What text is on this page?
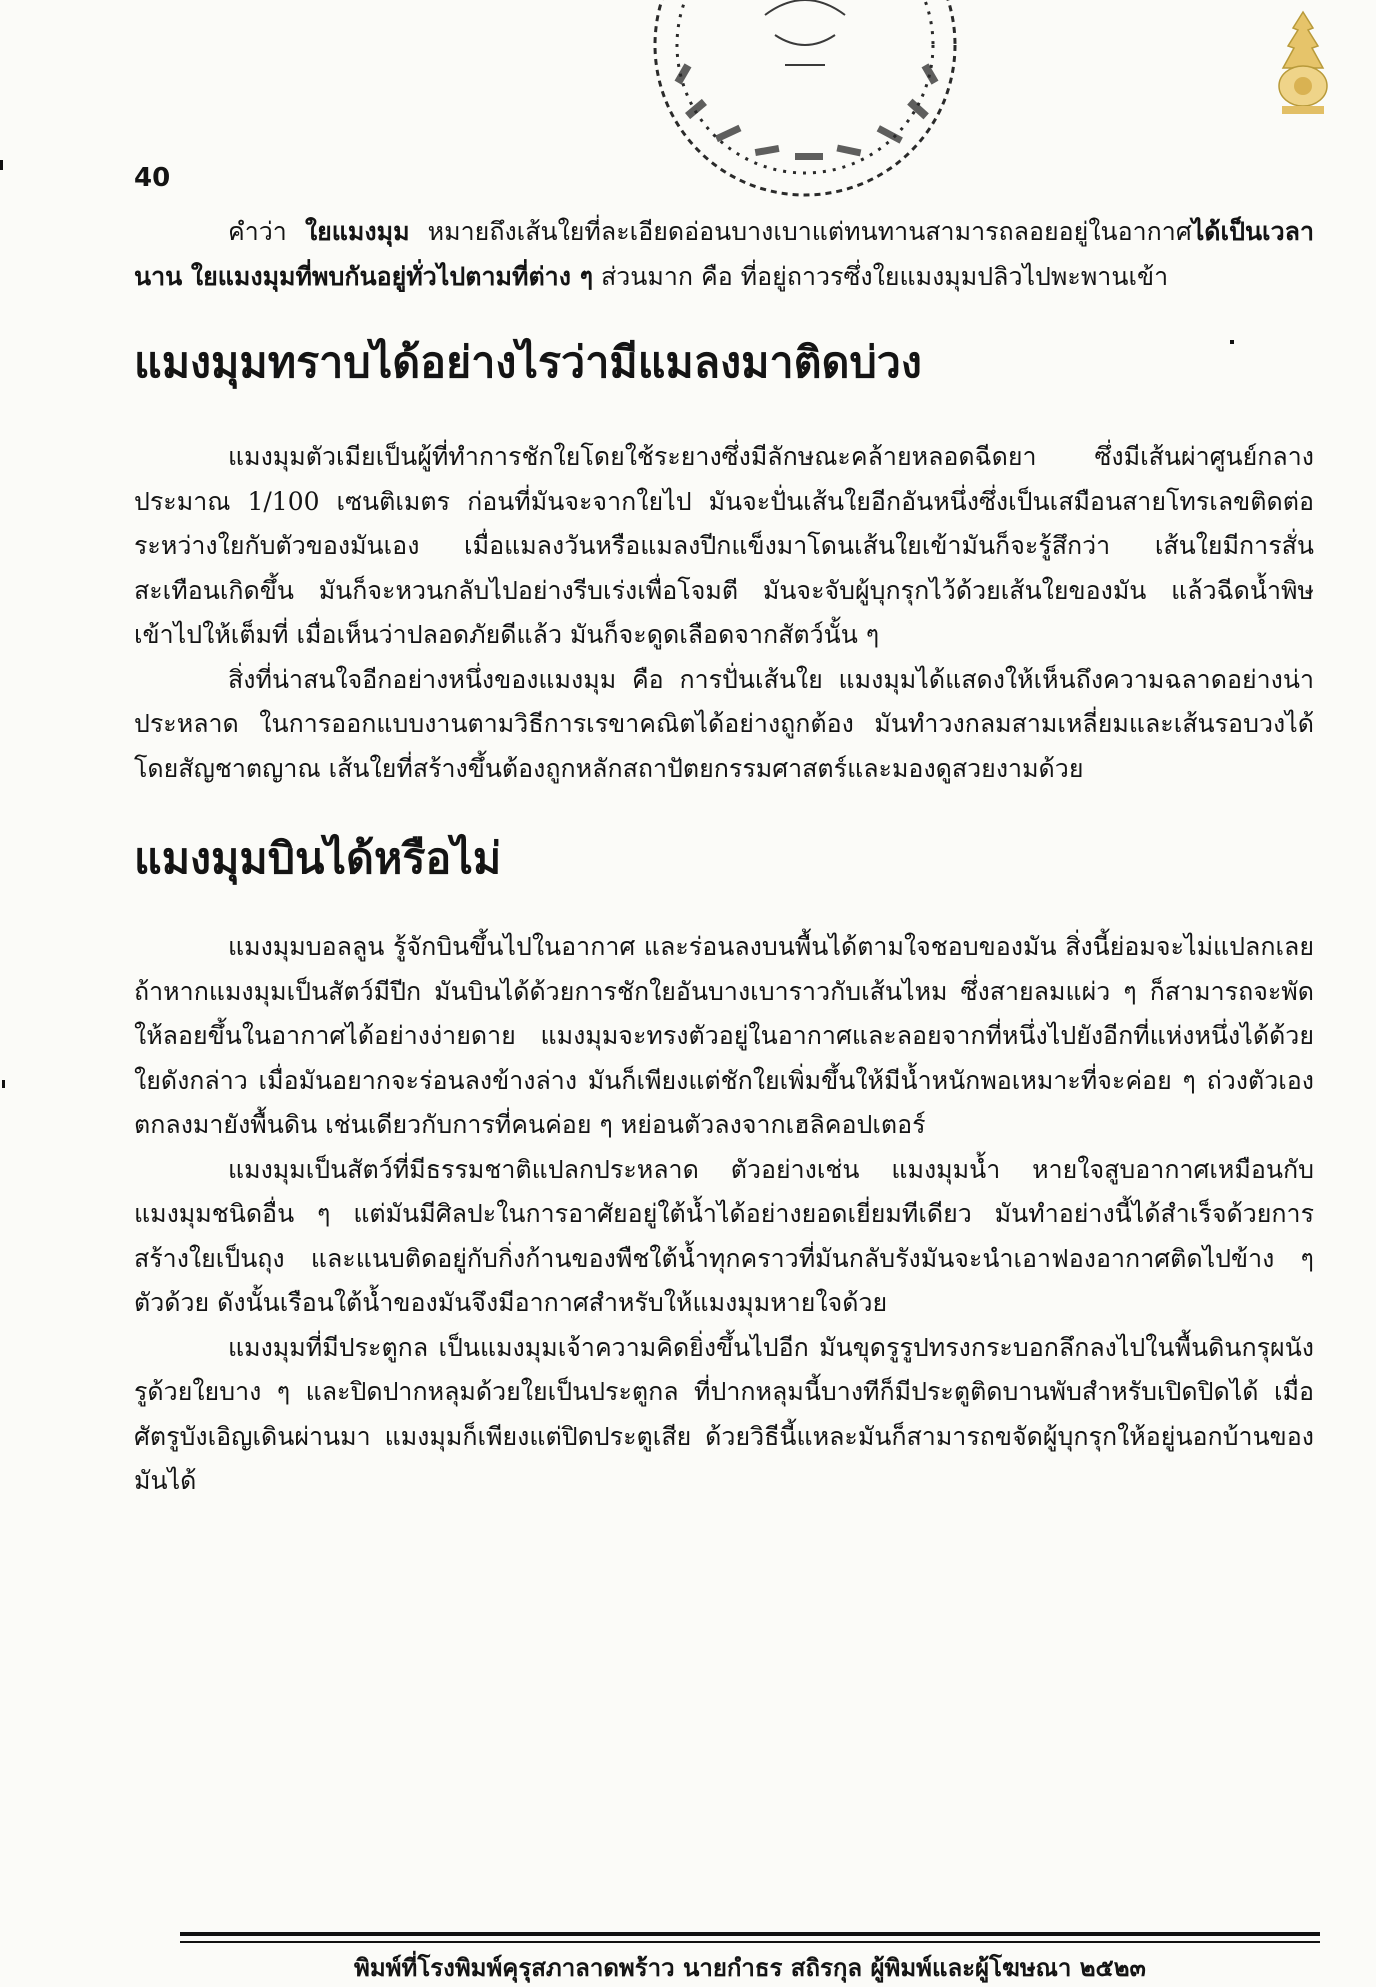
40

คำว่า ใยแมงมุม หมายถึงเส้นใยที่ละเอียดอ่อนบางเบาแต่ทนทานสามารถลอยอยู่ในอากาศได้เป็นเวลานาน ใยแมงมุมที่พบกันอยู่ทั่วไปตามที่ต่าง ๆ ส่วนมาก คือ ที่อยู่ถาวรซึ่งใยแมงมุมปลิวไปพะพานเข้า

แมงมุมทราบได้อย่างไรว่ามีแมลงมาติดบ่วง

แมงมุมตัวเมียเป็นผู้ที่ทำการชักใยโดยใช้ระยางซึ่งมีลักษณะคล้ายหลอดฉีดยา ซึ่งมีเส้นผ่าศูนย์กลางประมาณ 1/100 เซนติเมตร ก่อนที่มันจะจากใยไป มันจะปั่นเส้นใยอีกอันหนึ่งซึ่งเป็นเสมือนสายโทรเลขติดต่อระหว่างใยกับตัวของมันเอง เมื่อแมลงวันหรือแมลงปีกแข็งมาโดนเส้นใยเข้ามันก็จะรู้สึกว่า เส้นใยมีการสั่นสะเทือนเกิดขึ้น มันก็จะหวนกลับไปอย่างรีบเร่งเพื่อโจมตี มันจะจับผู้บุกรุกไว้ด้วยเส้นใยของมัน แล้วฉีดน้ำพิษเข้าไปให้เต็มที่ เมื่อเห็นว่าปลอดภัยดีแล้ว มันก็จะดูดเลือดจากสัตว์นั้น ๆ

สิ่งที่น่าสนใจอีกอย่างหนึ่งของแมงมุม คือ การปั่นเส้นใย แมงมุมได้แสดงให้เห็นถึงความฉลาดอย่างน่าประหลาด ในการออกแบบงานตามวิธีการเรขาคณิตได้อย่างถูกต้อง มันทำวงกลมสามเหลี่ยมและเส้นรอบวงได้โดยสัญชาตญาณ เส้นใยที่สร้างขึ้นต้องถูกหลักสถาปัตยกรรมศาสตร์และมองดูสวยงามด้วย

แมงมุมบินได้หรือไม่

แมงมุมบอลลูน รู้จักบินขึ้นไปในอากาศ และร่อนลงบนพื้นได้ตามใจชอบของมัน สิ่งนี้ย่อมจะไม่แปลกเลย ถ้าหากแมงมุมเป็นสัตว์มีปีก มันบินได้ด้วยการชักใยอันบางเบาราวกับเส้นไหม ซึ่งสายลมแผ่ว ๆ ก็สามารถจะพัดให้ลอยขึ้นในอากาศได้อย่างง่ายดาย แมงมุมจะทรงตัวอยู่ในอากาศและลอยจากที่หนึ่งไปยังอีกที่แห่งหนึ่งได้ด้วยใยดังกล่าว เมื่อมันอยากจะร่อนลงข้างล่าง มันก็เพียงแต่ชักใยเพิ่มขึ้นให้มีน้ำหนักพอเหมาะที่จะค่อย ๆ ถ่วงตัวเองตกลงมายังพื้นดิน เช่นเดียวกับการที่คนค่อย ๆ หย่อนตัวลงจากเฮลิคอปเตอร์

แมงมุมเป็นสัตว์ที่มีธรรมชาติแปลกประหลาด ตัวอย่างเช่น แมงมุมน้ำ หายใจสูบอากาศเหมือนกับแมงมุมชนิดอื่น ๆ แต่มันมีศิลปะในการอาศัยอยู่ใต้น้ำได้อย่างยอดเยี่ยมทีเดียว มันทำอย่างนี้ได้สำเร็จด้วยการสร้างใยเป็นถุง และแนบติดอยู่กับกิ่งก้านของพืชใต้น้ำทุกคราวที่มันกลับรังมันจะนำเอาฟองอากาศติดไปข้าง ๆ ตัวด้วย ดังนั้นเรือนใต้น้ำของมันจึงมีอากาศสำหรับให้แมงมุมหายใจด้วย

แมงมุมที่มีประตูกล เป็นแมงมุมเจ้าความคิดยิ่งขึ้นไปอีก มันขุดรูรูปทรงกระบอกลึกลงไปในพื้นดินกรุผนังรูด้วยใยบาง ๆ และปิดปากหลุมด้วยใยเป็นประตูกล ที่ปากหลุมนี้บางทีก็มีประตูติดบานพับสำหรับเปิดปิดได้ เมื่อศัตรูบังเอิญเดินผ่านมา แมงมุมก็เพียงแต่ปิดประตูเสีย ด้วยวิธีนี้แหละมันก็สามารถขจัดผู้บุกรุกให้อยู่นอกบ้านของมันได้

พิมพ์ที่โรงพิมพ์คุรุสภาลาดพร้าว นายกำธร สถิรกุล ผู้พิมพ์และผู้โฆษณา ๒๕๒๓
